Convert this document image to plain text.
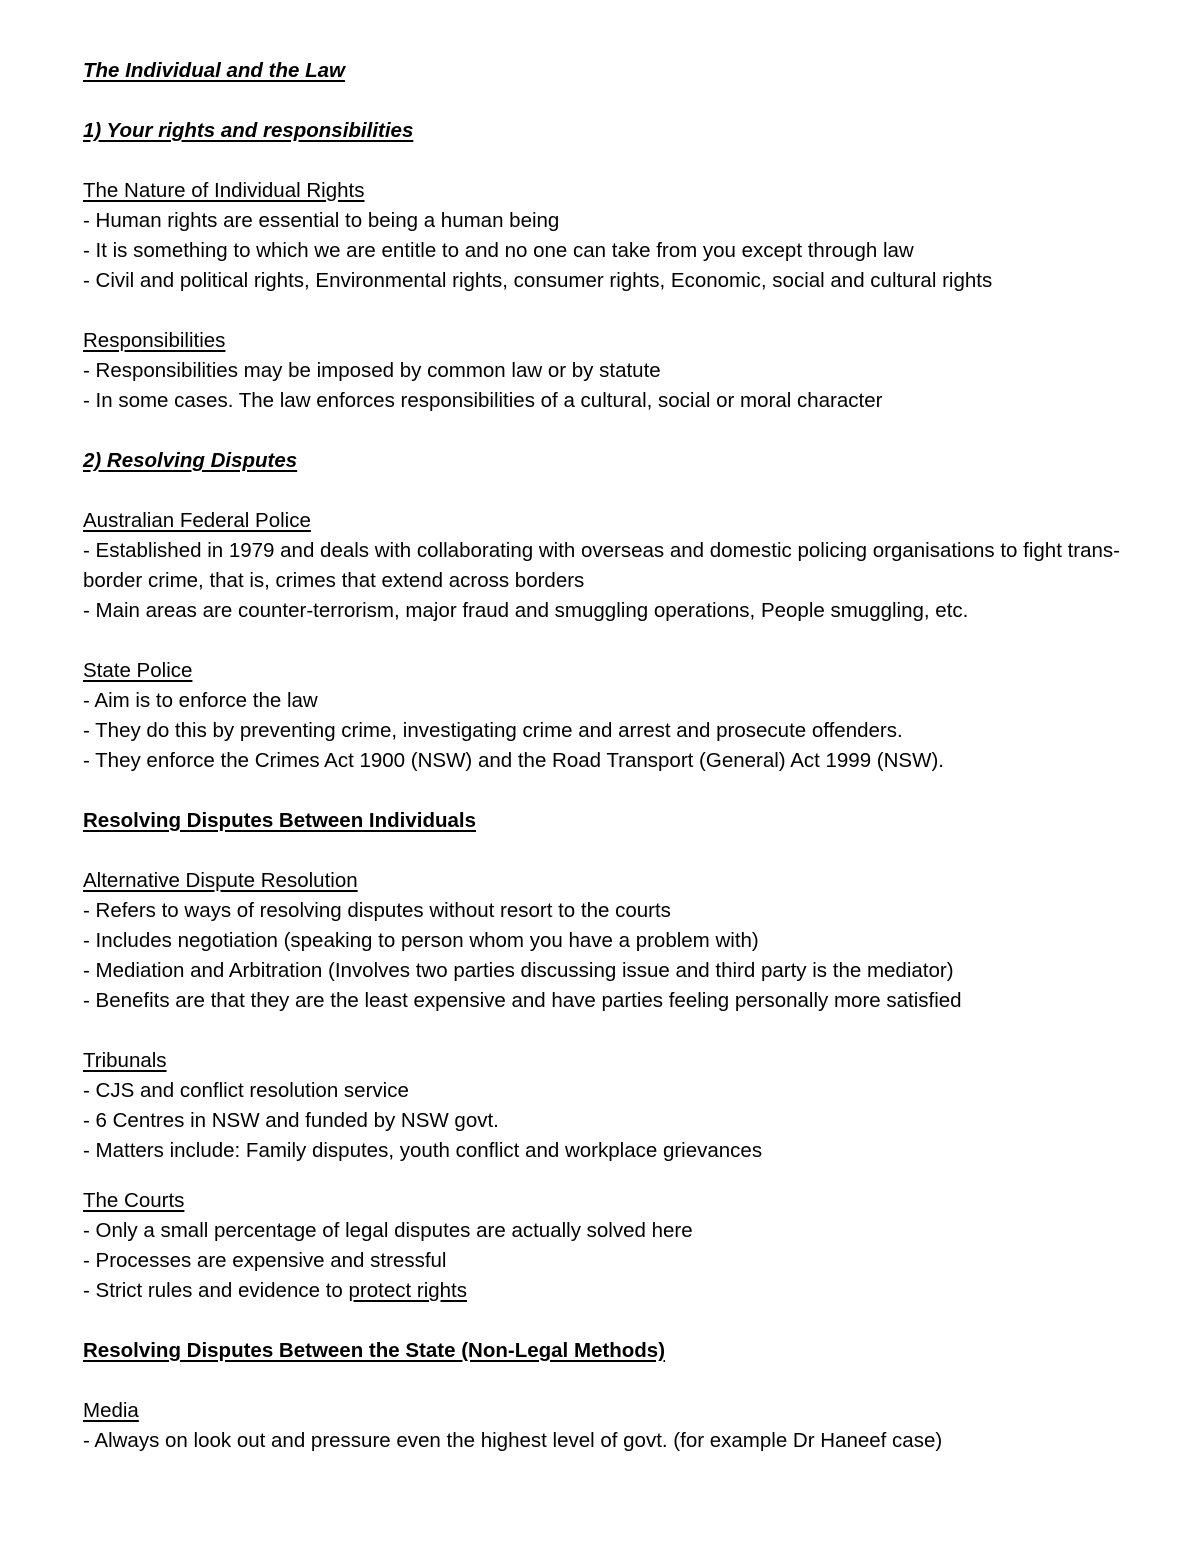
The Individual and the Law

1) Your rights and responsibilities

The Nature of Individual Rights

- Human rights are essential to being a human being

- It is something to which we are entitle to and no one can take from you except through law

- Civil and political rights, Environmental rights, consumer rights, Economic, social and cultural rights

Responsibilities

- Responsibilities may be imposed by common law or by statute

- In some cases. The law enforces responsibilities of a cultural, social or moral character

2) Resolving Disputes

Australian Federal Police

- Established in 1979 and deals with collaborating with overseas and domestic policing organisations to fight trans-border crime, that is, crimes that extend across borders

- Main areas are counter-terrorism, major fraud and smuggling operations, People smuggling, etc.

State Police

- Aim is to enforce the law

- They do this by preventing crime, investigating crime and arrest and prosecute offenders.

- They enforce the Crimes Act 1900 (NSW) and the Road Transport (General) Act 1999 (NSW).

Resolving Disputes Between Individuals

Alternative Dispute Resolution

- Refers to ways of resolving disputes without resort to the courts

- Includes negotiation (speaking to person whom you have a problem with)

- Mediation and Arbitration (Involves two parties discussing issue and third party is the mediator)

- Benefits are that they are the least expensive and have parties feeling personally more satisfied

Tribunals

- CJS and conflict resolution service

- 6 Centres in NSW and funded by NSW govt.

- Matters include: Family disputes, youth conflict and workplace grievances

The Courts

- Only a small percentage of legal disputes are actually solved here

- Processes are expensive and stressful

- Strict rules and evidence to protect rights

Resolving Disputes Between the State (Non-Legal Methods)

Media

- Always on look out and pressure even the highest level of govt. (for example Dr Haneef case)
